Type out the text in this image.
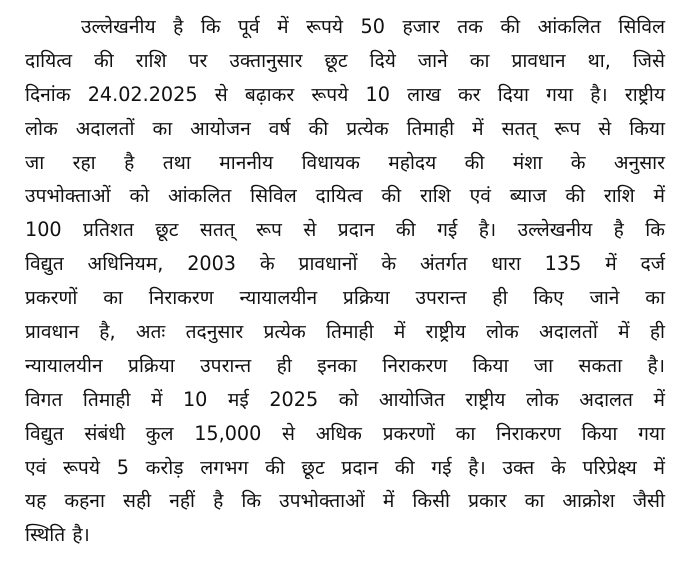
उल्लेखनीय है कि पूर्व में रूपये 50 हजार तक की आंकलित सिविल
दायित्व की राशि पर उक्तानुसार छूट दिये जाने का प्रावधान था, जिसे
दिनांक 24.02.2025 से बढ़ाकर रूपये 10 लाख कर दिया गया है। राष्ट्रीय
लोक अदालतों का आयोजन वर्ष की प्रत्येक तिमाही में सतत् रूप से किया
जा रहा है तथा माननीय विधायक महोदय की मंशा के अनुसार
उपभोक्ताओं को आंकलित सिविल दायित्व की राशि एवं ब्याज की राशि में
100 प्रतिशत छूट सतत् रूप से प्रदान की गई है। उल्लेखनीय है कि
विद्युत अधिनियम, 2003 के प्रावधानों के अंतर्गत धारा 135 में दर्ज
प्रकरणों का निराकरण न्यायालयीन प्रक्रिया उपरान्त ही किए जाने का
प्रावधान है, अतः तदनुसार प्रत्येक तिमाही में राष्ट्रीय लोक अदालतों में ही
न्यायालयीन प्रक्रिया उपरान्त ही इनका निराकरण किया जा सकता है।
विगत तिमाही में 10 मई 2025 को आयोजित राष्ट्रीय लोक अदालत में
विद्युत संबंधी कुल 15,000 से अधिक प्रकरणों का निराकरण किया गया
एवं रूपये 5 करोड़ लगभग की छूट प्रदान की गई है। उक्त के परिप्रेक्ष्य में
यह कहना सही नहीं है कि उपभोक्ताओं में किसी प्रकार का आक्रोश जैसी
स्थिति है।
